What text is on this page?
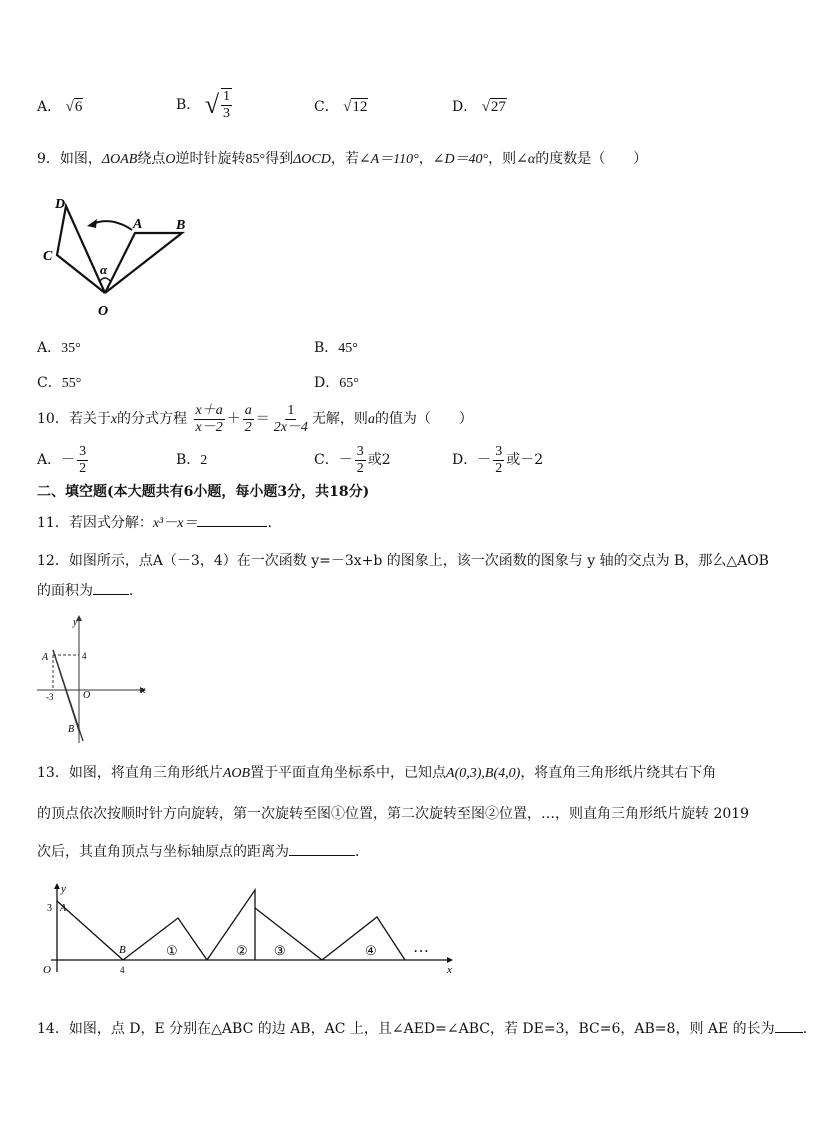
A． √6	B． √ $\frac{1}{3}$	C． √12	D． √27
9．如图，ΔOAB绕点O逆时针旋转85°得到ΔOCD，若∠A＝110°，∠D＝40°，则∠α的度数是（　　）
D
C
A B
O
α
A．35°	B．45°
C．55°	D．65°
10．若关于x的分式方程 $\frac{x+a}{x-2} + \frac{a}{2} = \frac{1}{2x-4}$ 无解，则a的值为（　　）
A．－ $\frac{3}{2}$	B．2	C．－ $\frac{3}{2}$ 或2	D．－ $\frac{3}{2}$ 或－2
二、填空题(本大题共有6小题，每小题3分，共18分)
11．若因式分解：x³－x＝	.
12．如图所示，点A（－3，4）在一次函数 y=－3x+b 的图象上，该一次函数的图象与 y 轴的交点为 B，那么△AOB
的面积为	．
y
x
A	4
O
-3
B
13．如图，将直角三角形纸片AOB置于平面直角坐标系中，已知点A(0,3),B(4,0)，将直角三角形纸片绕其右下角
的顶点依次按顺时针方向旋转，第一次旋转至图①位置，第二次旋转至图②位置，…，则直角三角形纸片旋转 2019
次后，其直角顶点与坐标轴原点的距离为	．
y
3 A
B
O	4	x
①	② ③	④ …
14．如图，点 D，E 分别在△ABC 的边 AB，AC 上，且∠AED=∠ABC，若 DE=3，BC=6，AB=8，则 AE 的长为 ．
